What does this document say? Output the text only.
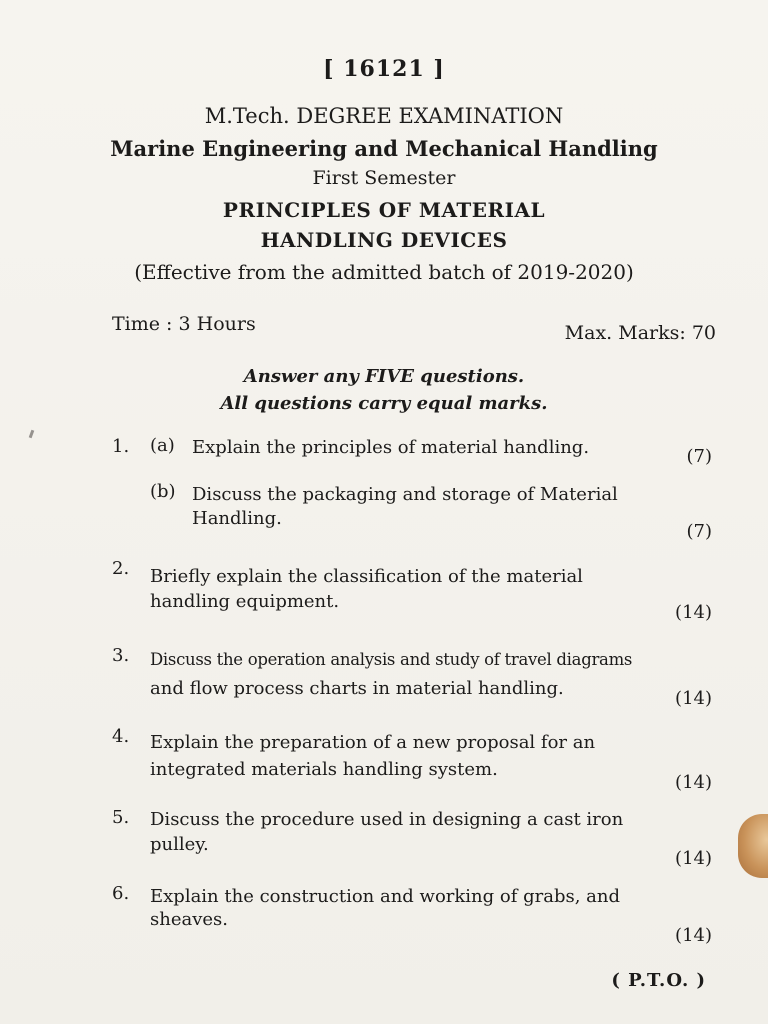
[ 16121 ]
M.Tech. DEGREE EXAMINATION
Marine Engineering and Mechanical Handling
First Semester
PRINCIPLES OF MATERIAL
HANDLING DEVICES
(Effective from the admitted batch of 2019-2020)
Time : 3 Hours	Max. Marks: 70
Answer any FIVE questions.
All questions carry equal marks.
1. (a) Explain the principles of material handling.	(7)
(b) Discuss the packaging and storage of Material
Handling.
(7)
2. Briefly explain the classification of the material
handling equipment.
(14)
3. Discuss the operation analysis and study of travel diagrams
and flow process charts in material handling.	(14)
4. Explain the preparation of a new proposal for an
integrated materials handling system.
(14)
5. Discuss the procedure used in designing a cast iron
pulley.
(14)
6. Explain the construction and working of grabs, and
sheaves.
(14)
( P.T.O. )
